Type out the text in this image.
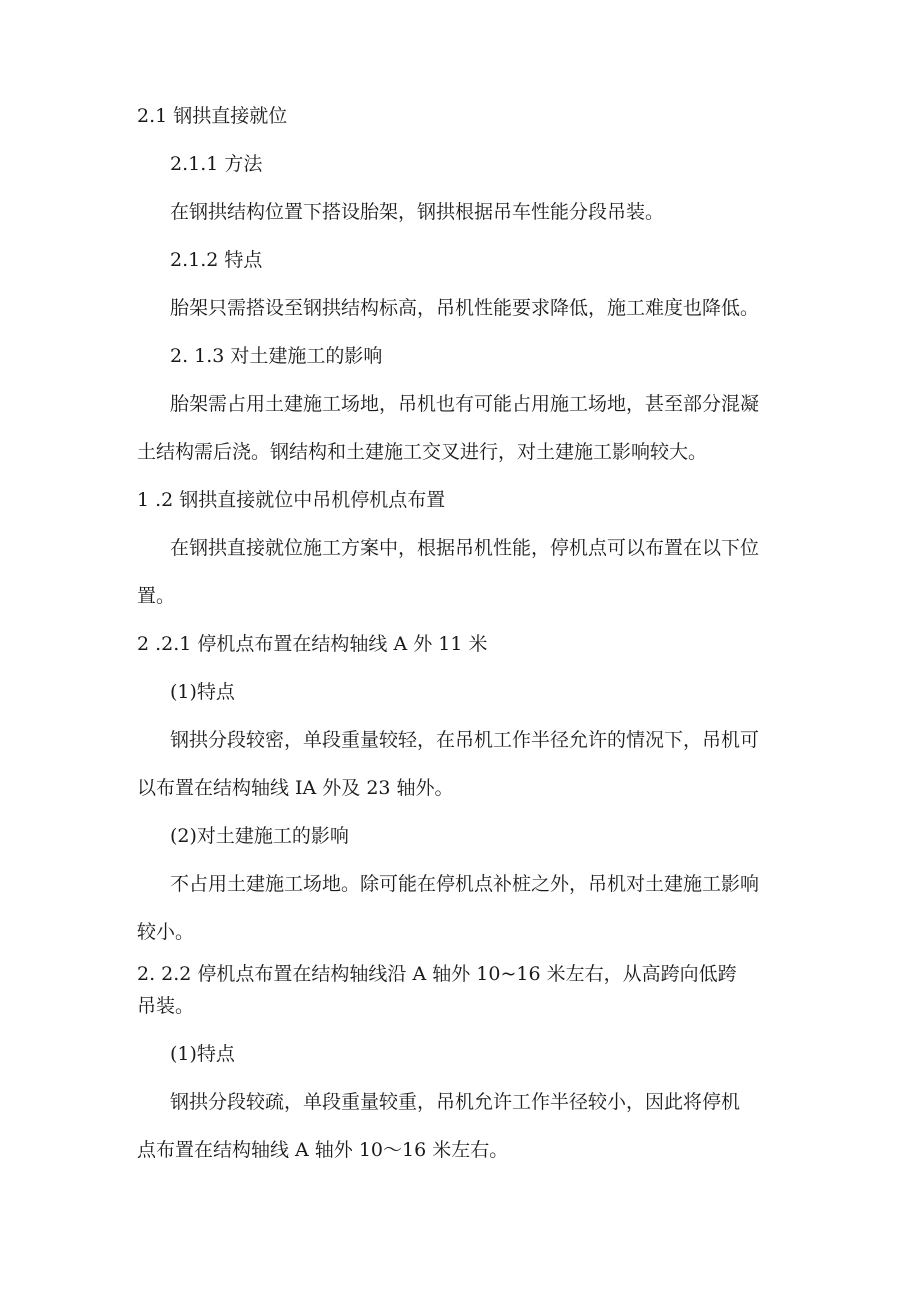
2.1 钢拱直接就位

2.1.1 方法

在钢拱结构位置下搭设胎架，钢拱根据吊车性能分段吊装。

2.1.2 特点

胎架只需搭设至钢拱结构标高，吊机性能要求降低，施工难度也降低。

2. 1.3 对土建施工的影响

胎架需占用土建施工场地，吊机也有可能占用施工场地，甚至部分混凝

土结构需后浇。钢结构和土建施工交叉进行，对土建施工影响较大。

1 .2 钢拱直接就位中吊机停机点布置

在钢拱直接就位施工方案中，根据吊机性能，停机点可以布置在以下位

置。

2 .2.1 停机点布置在结构轴线 A 外 11 米

(1)特点

钢拱分段较密，单段重量较轻，在吊机工作半径允许的情况下，吊机可

以布置在结构轴线 IA 外及 23 轴外。

(2)对土建施工的影响

不占用土建施工场地。除可能在停机点补桩之外，吊机对土建施工影响

较小。

2. 2.2 停机点布置在结构轴线沿 A 轴外 10~16 米左右，从高跨向低跨

吊装。

(1)特点

钢拱分段较疏，单段重量较重，吊机允许工作半径较小，因此将停机

点布置在结构轴线 A 轴外 10～16 米左右。
